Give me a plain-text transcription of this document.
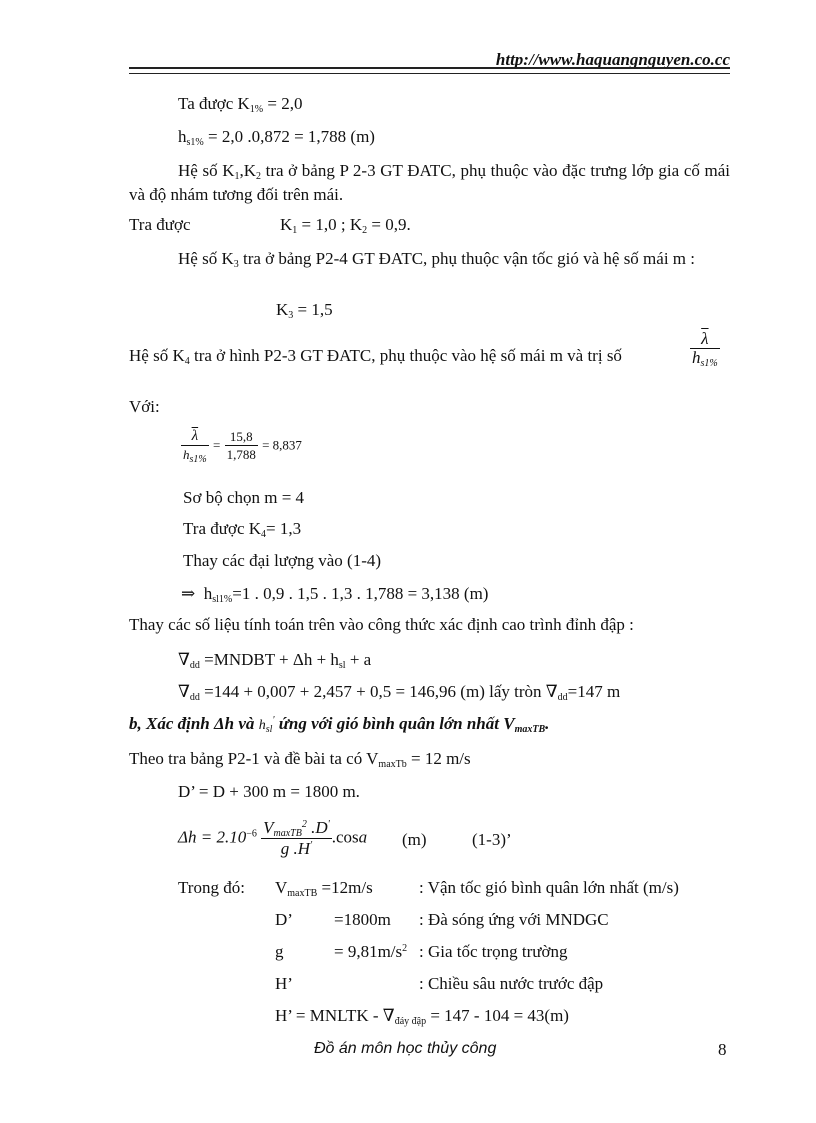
http://www.haquangnguyen.co.cc
Ta được $K_{1\%} = 2,0$
$h_{s1\%} = 2,0$ .0,872 = 1,788 (m)
Hệ số $K_1,K_2$ tra ở bảng P 2-3 GT ĐATC, phụ thuộc vào đặc trưng lớp gia cố mái và độ nhám tương đối trên mái.
Tra được	$K_1 = 1,0$ ; $K_2 = 0,9$.
Hệ số $K_3$ tra ở bảng P2-4 GT ĐATC, phụ thuộc vận tốc gió và hệ số mái m :
$K_3 = 1,5$
Hệ số $K_4$ tra ở hình P2-3 GT ĐATC, phụ thuộc vào hệ số mái m và trị số	$\frac{\overline{\lambda}}{h_{s1\%}}$
Với:
$\frac{\overline{\lambda}}{h_{s1\%}} = \frac{15,8}{1,788} = 8,837$
Sơ bộ chọn m = 4
Tra được $K_4= 1,3$
Thay các đại lượng vào (1-4)
⇒ $h_{sl1\%}=1$ . 0,9 . 1,5 . 1,3 . 1,788 = 3,138 (m)
Thay các số liệu tính toán trên vào công thức xác định cao trình đỉnh đập :
$\nabla_{dd}$ =MNDBT + $\Delta h + h_{sl} + a$
$\nabla_{dd} =144 + 0,007 + 2,457 + 0,5 = 146,96$ (m) lấy tròn $\nabla_{dd}=147$ m
b, Xác định Δh và $h_{sl}'$ ứng với gió bình quân lớn nhất $V_{maxTB}$.
Theo tra bảng P2-1 và đề bài ta có $V_{maxTb} = 12$ m/s
D’ = D + 300 m = 1800 m.
$\Delta h = 2.10^{-6} \frac{V_{maxTB}^2 .D'}{g .H'} .\cos a$ (m)	(1-3)’
Trong đó: $V_{maxTB} =12m/s$	: Vận tốc gió bình quân lớn nhất (m/s)
D’ =1800m : Đà sóng ứng với MNDGC
g	= $9,81m/s^2$ : Gia tốc trọng trường
H’	: Chiều sâu nước trước đập
H’ = MNLTK - $\nabla_{đáy đập} = 147 - 104 = 43(m)$
Đồ án môn học thủy công	8
